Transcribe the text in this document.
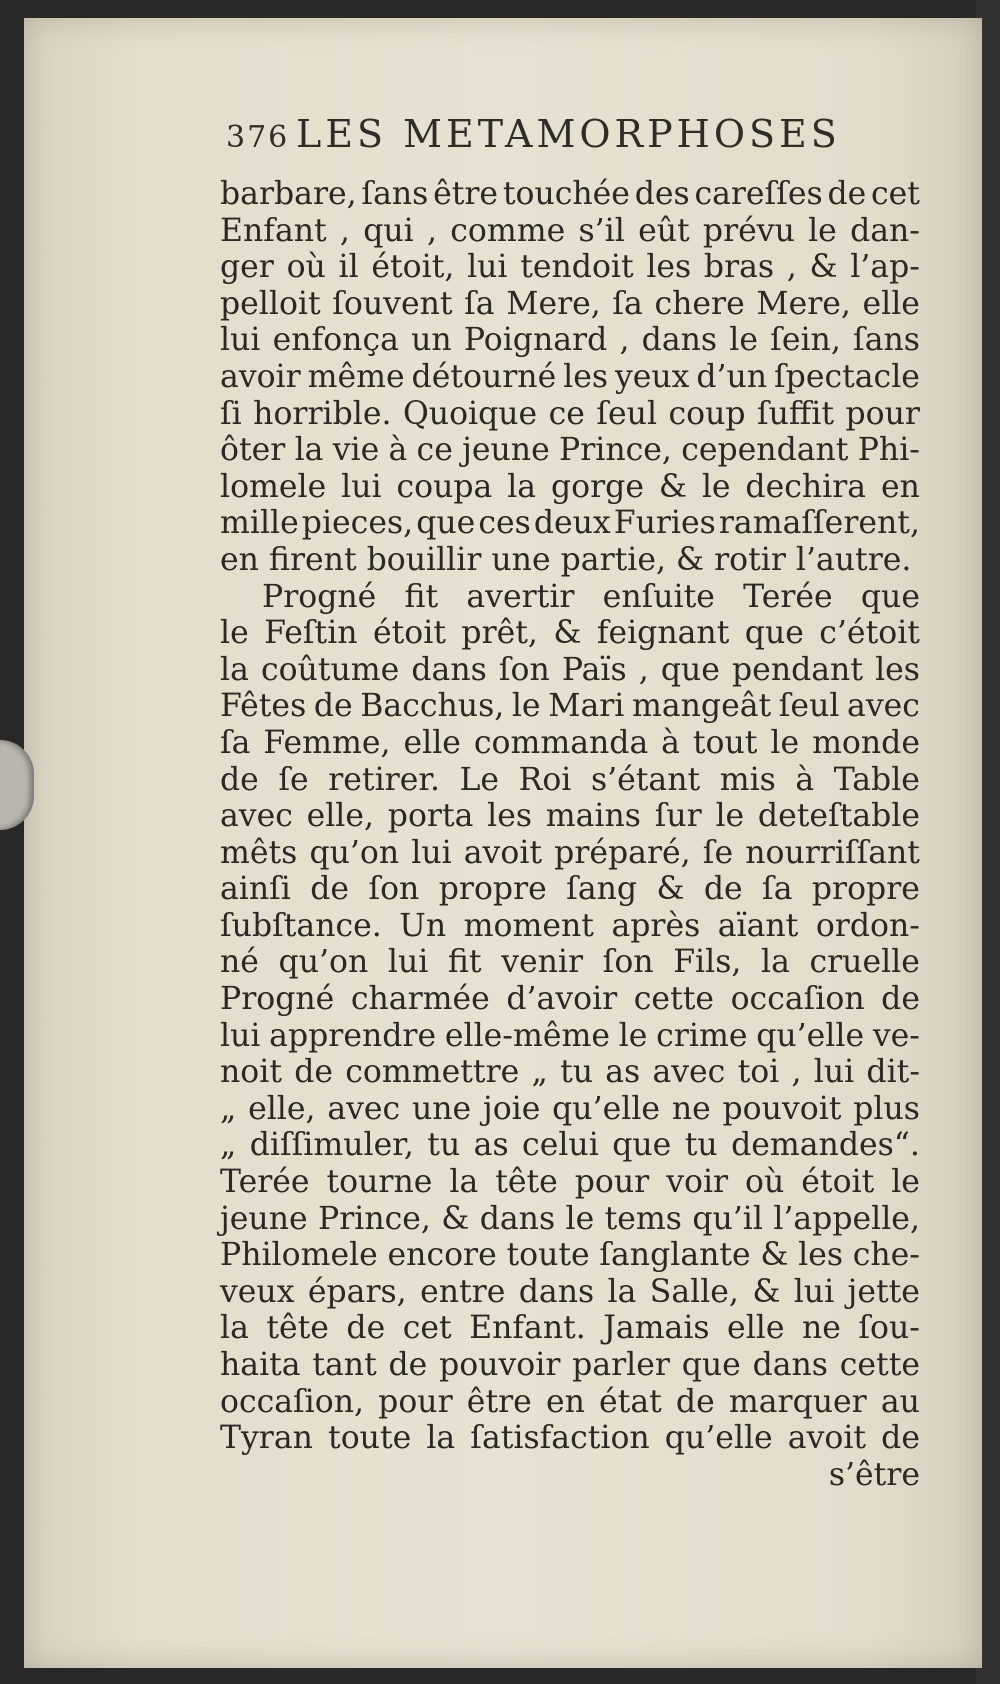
376 LES METAMORPHOSES
barbare, ſans être touchée des careſſes de cet
Enfant , qui , comme s’il eût prévu le dan-
ger où il étoit, lui tendoit les bras , & l’ap-
pelloit ſouvent ſa Mere, ſa chere Mere, elle
lui enfonça un Poignard , dans le ſein, ſans
avoir même détourné les yeux d’un ſpectacle
ſi horrible. Quoique ce ſeul coup ſuffit pour
ôter la vie à ce jeune Prince, cependant Phi-
lomele lui coupa la gorge & le dechira en
mille pieces, que ces deux Furies ramaſſerent,
en firent bouillir une partie, & rotir l’autre.
Progné fit avertir enſuite Terée que
le Feſtin étoit prêt, & feignant que c’étoit
la coûtume dans ſon Païs , que pendant les
Fêtes de Bacchus, le Mari mangeât ſeul avec
ſa Femme, elle commanda à tout le monde
de ſe retirer. Le Roi s’étant mis à Table
avec elle, porta les mains ſur le deteſtable
mêts qu’on lui avoit préparé, ſe nourriſſant
ainſi de ſon propre ſang & de ſa propre
ſubſtance. Un moment après aïant ordon-
né qu’on lui fit venir ſon Fils, la cruelle
Progné charmée d’avoir cette occaſion de
lui apprendre elle-même le crime qu’elle ve-
noit de commettre „ tu as avec toi , lui dit-
„ elle, avec une joie qu’elle ne pouvoit plus
„ diſſimuler, tu as celui que tu demandes“.
Terée tourne la tête pour voir où étoit le
jeune Prince, & dans le tems qu’il l’appelle,
Philomele encore toute ſanglante & les che-
veux épars, entre dans la Salle, & lui jette
la tête de cet Enfant. Jamais elle ne ſou-
haita tant de pouvoir parler que dans cette
occaſion, pour être en état de marquer au
Tyran toute la ſatisfaction qu’elle avoit de
s’être
